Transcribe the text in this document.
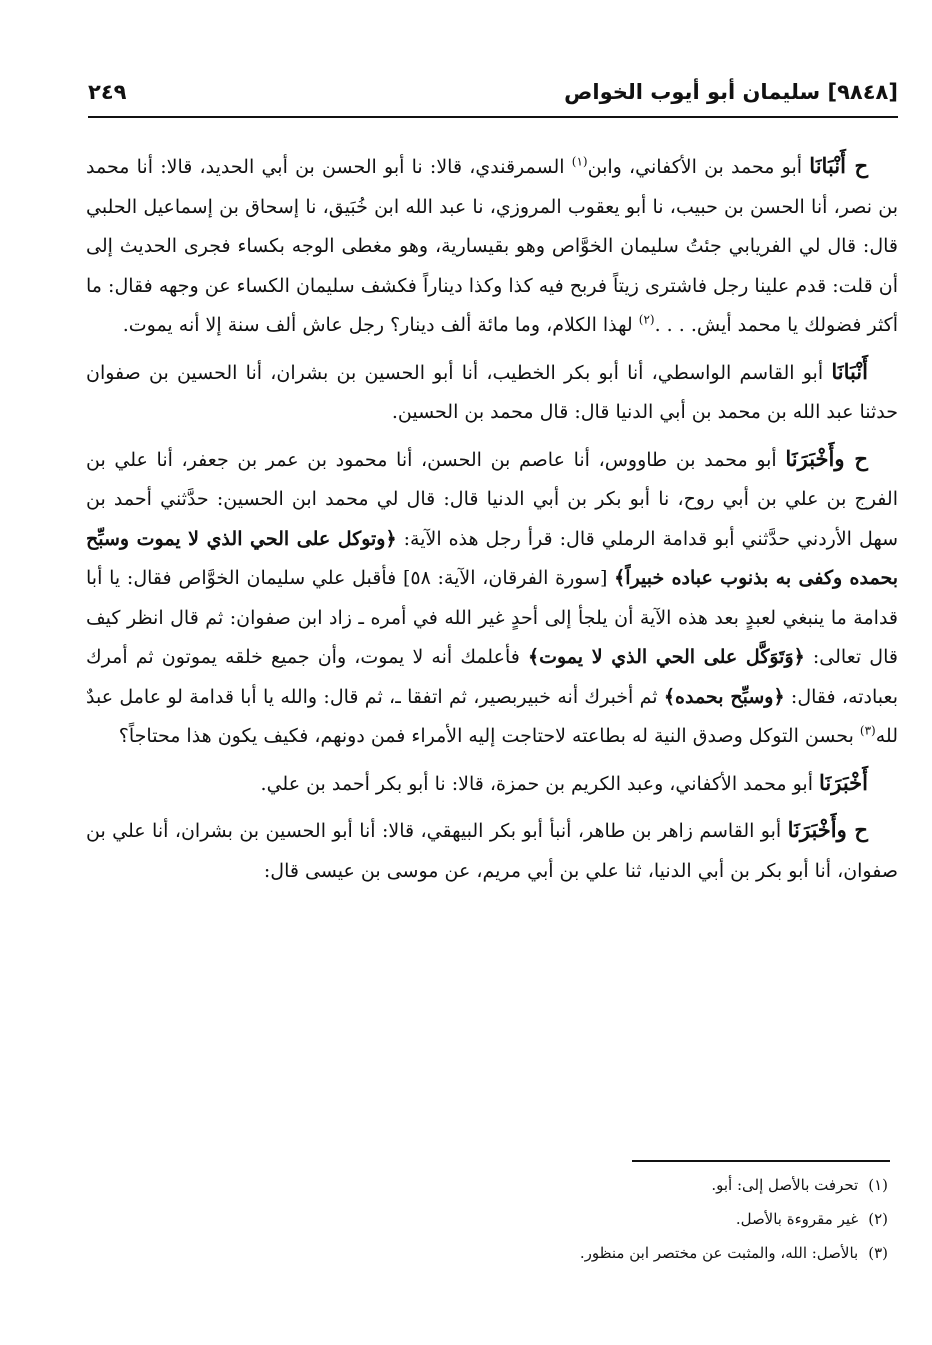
[٩٨٤٨] سليمان أبو أيوب الخواص
٢٤٩

ح أَنْبَانَا أبو محمد بن الأكفاني، وابن$^{(١)}$ السمرقندي، قالا: نا أبو الحسن بن أبي الحديد، قالا: أنا محمد بن نصر، أنا الحسن بن حبيب، نا أبو يعقوب المروزي، نا عبد الله ابن خُبَيق، نا إسحاق بن إسماعيل الحلبي قال: قال لي الفريابي جئتُ سليمان الخوَّاص وهو بقيسارية، وهو مغطى الوجه بكساء فجرى الحديث إلى أن قلت: قدم علينا رجل فاشترى زيتاً فربح فيه كذا وكذا ديناراً فكشف سليمان الكساء عن وجهه فقال: ما أكثر فضولك يا محمد أيش. . . .$^{(٢)}$ لهذا الكلام، وما مائة ألف دينار؟ رجل عاش ألف سنة إلا أنه يموت.

أَنْبَانَا أبو القاسم الواسطي، أنا أبو بكر الخطيب، أنا أبو الحسين بن بشران، أنا الحسين بن صفوان حدثنا عبد الله بن محمد بن أبي الدنيا قال: قال محمد بن الحسين.

ح وأَخْبَرَنَا أبو محمد بن طاووس، أنا عاصم بن الحسن، أنا محمود بن عمر بن جعفر، أنا علي بن الفرج بن علي بن أبي روح، نا أبو بكر بن أبي الدنيا قال: قال لي محمد ابن الحسين: حدَّثني أحمد بن سهل الأردني حدَّثني أبو قدامة الرملي قال: قرأ رجل هذه الآية: ﴿وتوكل على الحي الذي لا يموت وسبِّح بحمده وكفى به بذنوب عباده خبيراً﴾ [سورة الفرقان، الآية: ٥٨] فأقبل علي سليمان الخوَّاص فقال: يا أبا قدامة ما ينبغي لعبدٍ بعد هذه الآية أن يلجأ إلى أحدٍ غير الله في أمره ـ زاد ابن صفوان: ثم قال انظر كيف قال تعالى: ﴿وَتَوَكَّل على الحي الذي لا يموت﴾ فأعلمك أنه لا يموت، وأن جميع خلقه يموتون ثم أمرك بعبادته، فقال: ﴿وسبِّح بحمده﴾ ثم أخبرك أنه خبيربصير، ثم اتفقا ـ، ثم قال: والله يا أبا قدامة لو عامل عبدٌ لله$^{(٣)}$ بحسن التوكل وصدق النية له بطاعته لاحتاجت إليه الأمراء فمن دونهم، فكيف يكون هذا محتاجاً؟

أَخْبَرَنَا أبو محمد الأكفاني، وعبد الكريم بن حمزة، قالا: نا أبو بكر أحمد بن علي.

ح وأَخْبَرَنَا أبو القاسم زاهر بن طاهر، أنبأ أبو بكر البيهقي، قالا: أنا أبو الحسين بن بشران، أنا علي بن صفوان، أنا أبو بكر بن أبي الدنيا، ثنا علي بن أبي مريم، عن موسى بن عيسى قال:

(١)تحرفت بالأصل إلى: أبو.
(٢)غير مقروءة بالأصل.
(٣)بالأصل: الله، والمثبت عن مختصر ابن منظور.
